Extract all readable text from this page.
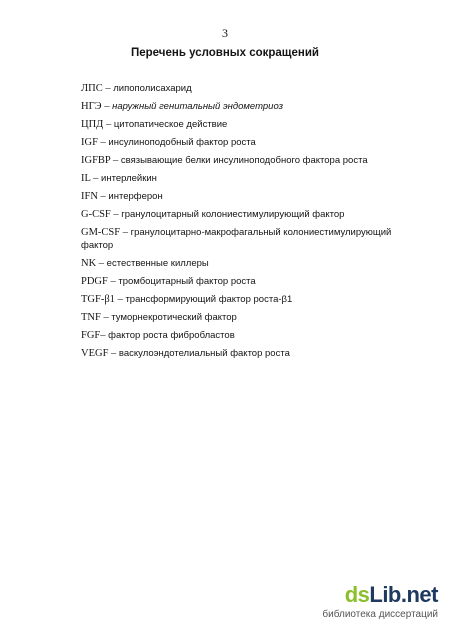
3
Перечень условных сокращений
ЛПС – липополисахарид
НГЭ – наружный генитальный эндометриоз
ЦПД – цитопатическое действие
IGF – инсулиноподобный фактор роста
IGFBP – связывающие белки инсулиноподобного фактора роста
IL – интерлейкин
IFN – интерферон
G-CSF – гранулоцитарный колониестимулирующий фактор
GM-CSF – гранулоцитарно-макрофагальный колониестимулирующий фактор
NK – естественные киллеры
PDGF – тромбоцитарный фактор роста
TGF-β1 – трансформирующий фактор роста-β1
TNF – туморнекротический фактор
FGF– фактор роста фибробластов
VEGF – васкулоэндотелиальный фактор роста
dsLib.net
библиотека диссертаций
